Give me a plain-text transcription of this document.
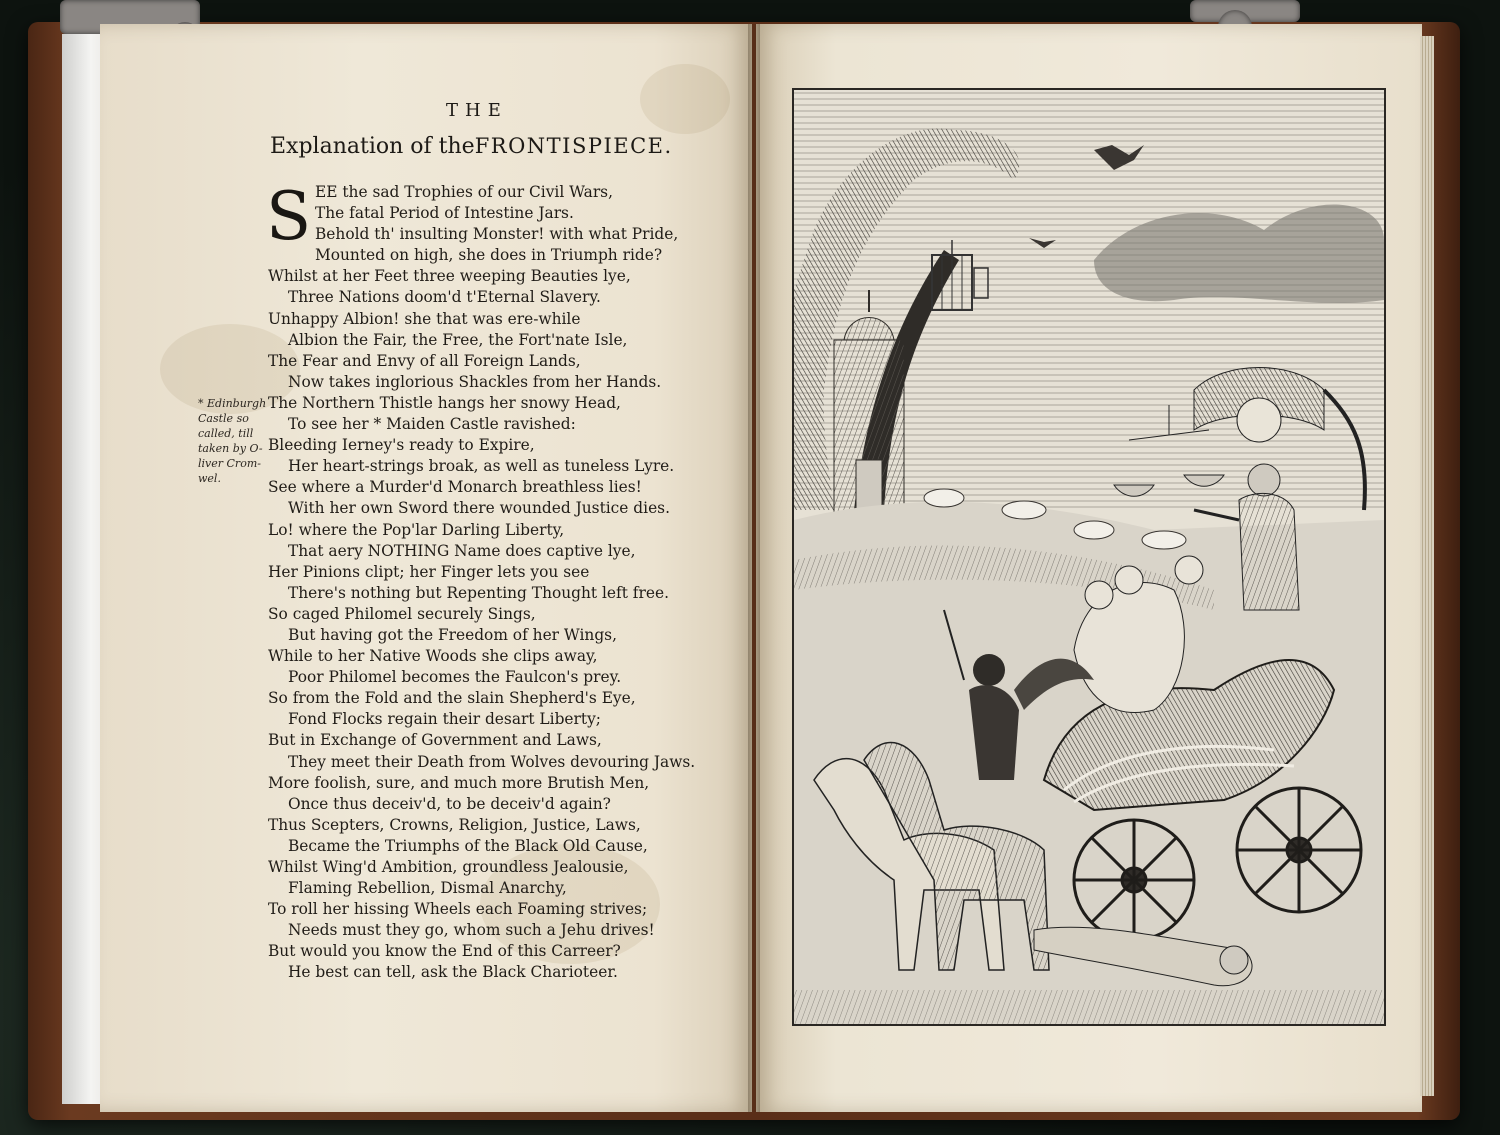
THE
Explanation of theFRONTISPIECE.
* Edinburgh
Castle so
called, till
taken by O-
liver Crom-
wel.
S EE the sad Trophies of our Civil Wars,
The fatal Period of Intestine Jars.
Behold th' insulting Monster! with what Pride,
Mounted on high, she does in Triumph ride?
Whilst at her Feet three weeping Beauties lye,
Three Nations doom'd t'Eternal Slavery.
Unhappy Albion! she that was ere-while
Albion the Fair, the Free, the Fort'nate Isle,
The Fear and Envy of all Foreign Lands,
Now takes inglorious Shackles from her Hands.
The Northern Thistle hangs her snowy Head,
To see her * Maiden Castle ravished:
Bleeding Ierney's ready to Expire,
Her heart-strings broak, as well as tuneless Lyre.
See where a Murder'd Monarch breathless lies!
With her own Sword there wounded Justice dies.
Lo! where the Pop'lar Darling Liberty,
That aery NOTHING Name does captive lye,
Her Pinions clipt; her Finger lets you see
There's nothing but Repenting Thought left free.
So caged Philomel securely Sings,
But having got the Freedom of her Wings,
While to her Native Woods she clips away,
Poor Philomel becomes the Faulcon's prey.
So from the Fold and the slain Shepherd's Eye,
Fond Flocks regain their desart Liberty;
But in Exchange of Government and Laws,
They meet their Death from Wolves devouring Jaws.
More foolish, sure, and much more Brutish Men,
Once thus deceiv'd, to be deceiv'd again?
Thus Scepters, Crowns, Religion, Justice, Laws,
Became the Triumphs of the Black Old Cause,
Whilst Wing'd Ambition, groundless Jealousie,
Flaming Rebellion, Dismal Anarchy,
To roll her hissing Wheels each Foaming strives;
Needs must they go, whom such a Jehu drives!
But would you know the End of this Carreer?
He best can tell, ask the Black Charioteer.
